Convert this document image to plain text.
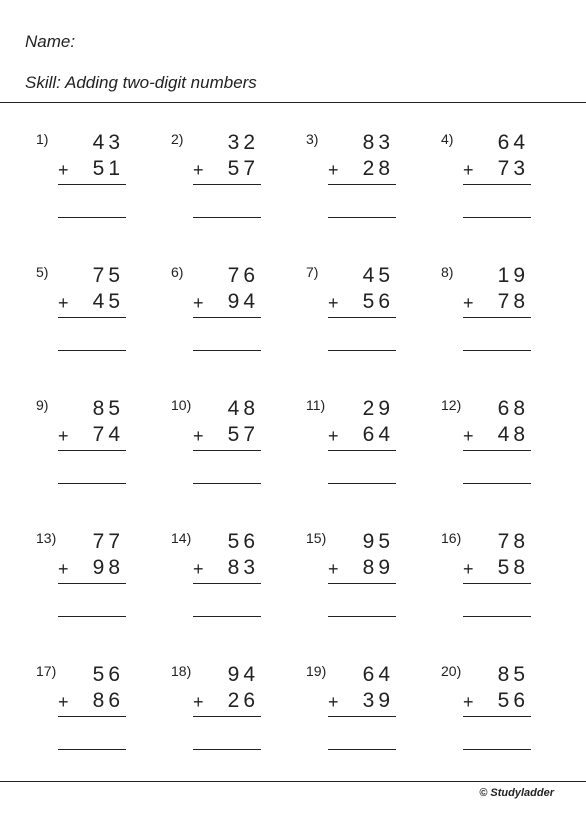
Name:
Skill: Adding two-digit numbers
1) 43
+ 51
2) 32
+ 57
3) 83
+ 28
4) 64
+ 73
5) 75
+ 45
6) 76
+ 94
7) 45
+ 56
8) 19
+ 78
9) 85
+ 74
10) 48
+ 57
11) 29
+ 64
12) 68
+ 48
13) 77
+ 98
14) 56
+ 83
15) 95
+ 89
16) 78
+ 58
17) 56
+ 86
18) 94
+ 26
19) 64
+ 39
20) 85
+ 56
© Studyladder
